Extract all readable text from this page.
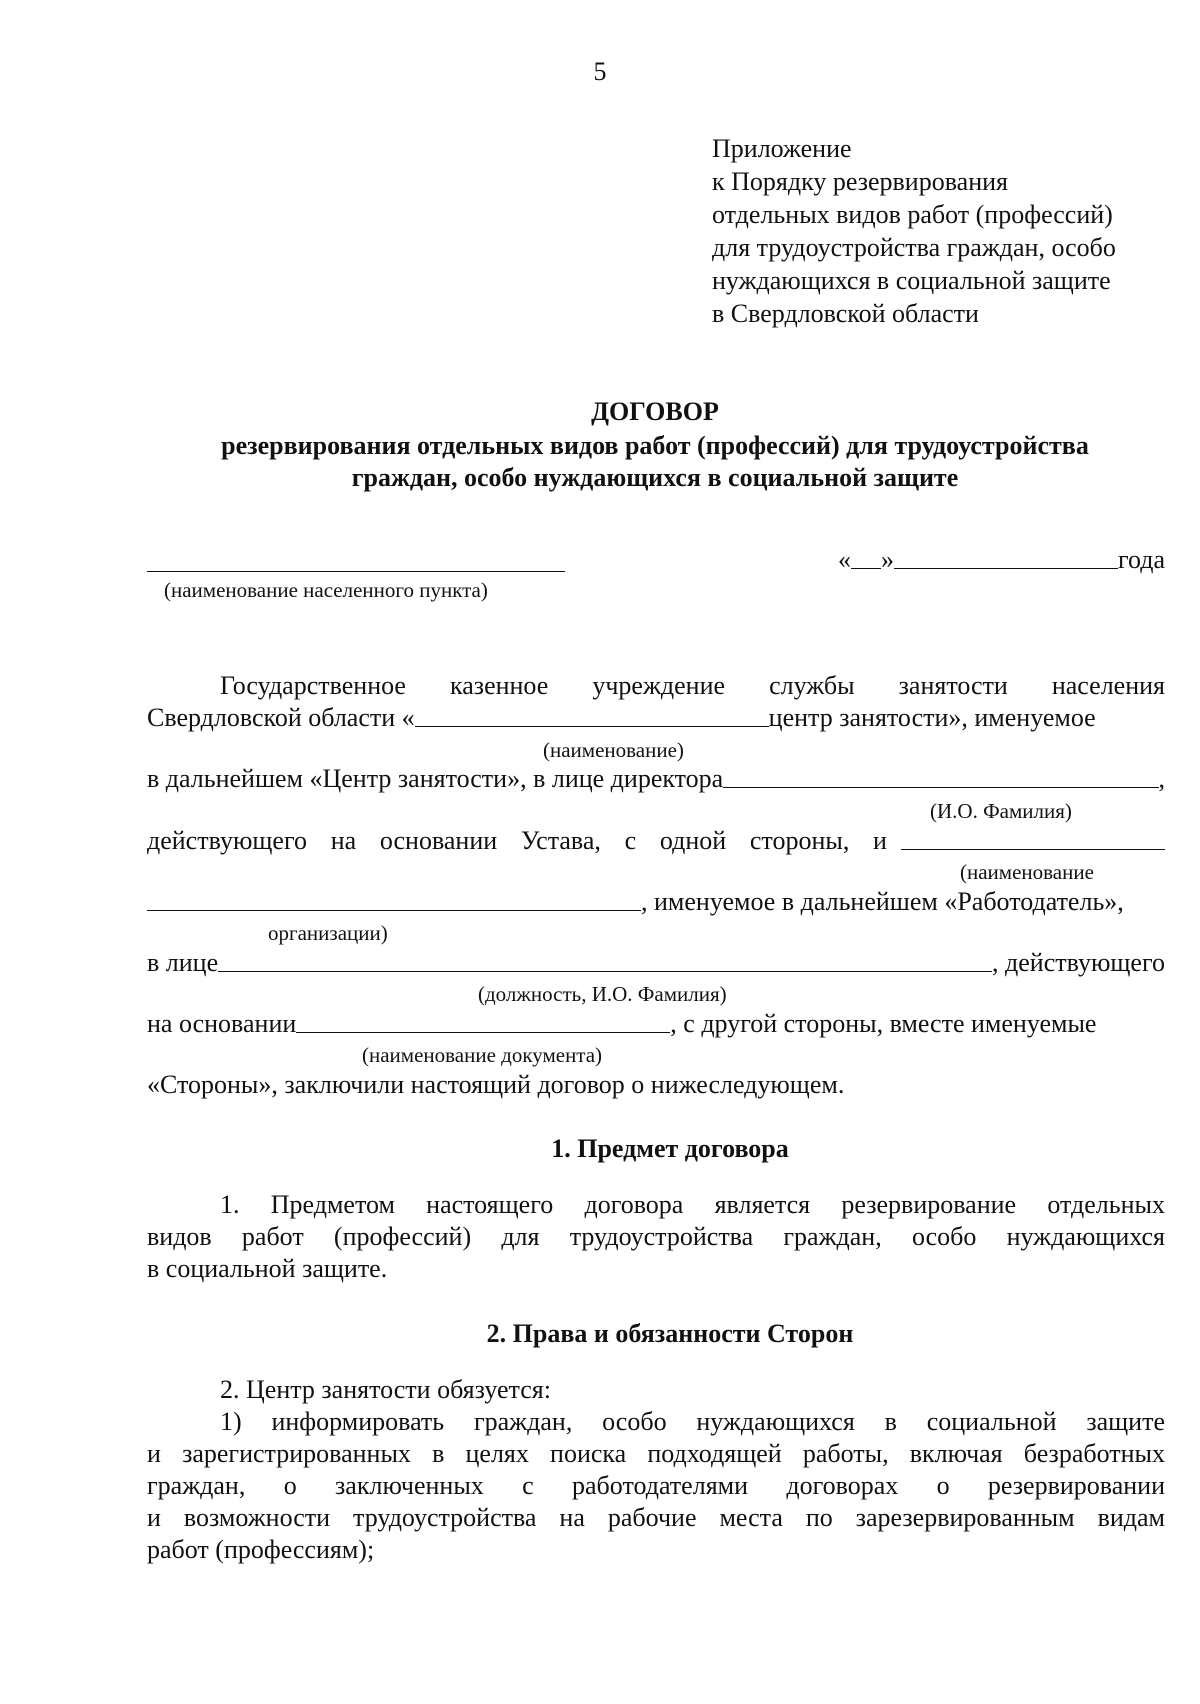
5
Приложение
к Порядку резервирования
отдельных видов работ (профессий)
для трудоустройства граждан, особо
нуждающихся в социальной защите
в Свердловской области
ДОГОВОР
резервирования отдельных видов работ (профессий) для трудоустройства
граждан, особо нуждающихся в социальной защите
(наименование населенного пункта)
« »	года
Государственное казенное учреждение службы занятости населения
Свердловской области «	центр занятости», именуемое
(наименование)
в дальнейшем «Центр занятости», в лице директора	,
(И.О. Фамилия)
действующего на основании Устава, с одной стороны, и
(наименование
, именуемое в дальнейшем «Работодатель»,
организации)
в лице	, действующего
(должность, И.О. Фамилия)
на основании	, с другой стороны, вместе именуемые
(наименование документа)
«Стороны», заключили настоящий договор о нижеследующем.
1. Предмет договора
1. Предметом настоящего договора является резервирование отдельных
видов работ (профессий) для трудоустройства граждан, особо нуждающихся
в социальной защите.
2. Права и обязанности Сторон
2. Центр занятости обязуется:
1) информировать граждан, особо нуждающихся в социальной защите
и зарегистрированных в целях поиска подходящей работы, включая безработных
граждан, о заключенных с работодателями договорах о резервировании
и возможности трудоустройства на рабочие места по зарезервированным видам
работ (профессиям);
